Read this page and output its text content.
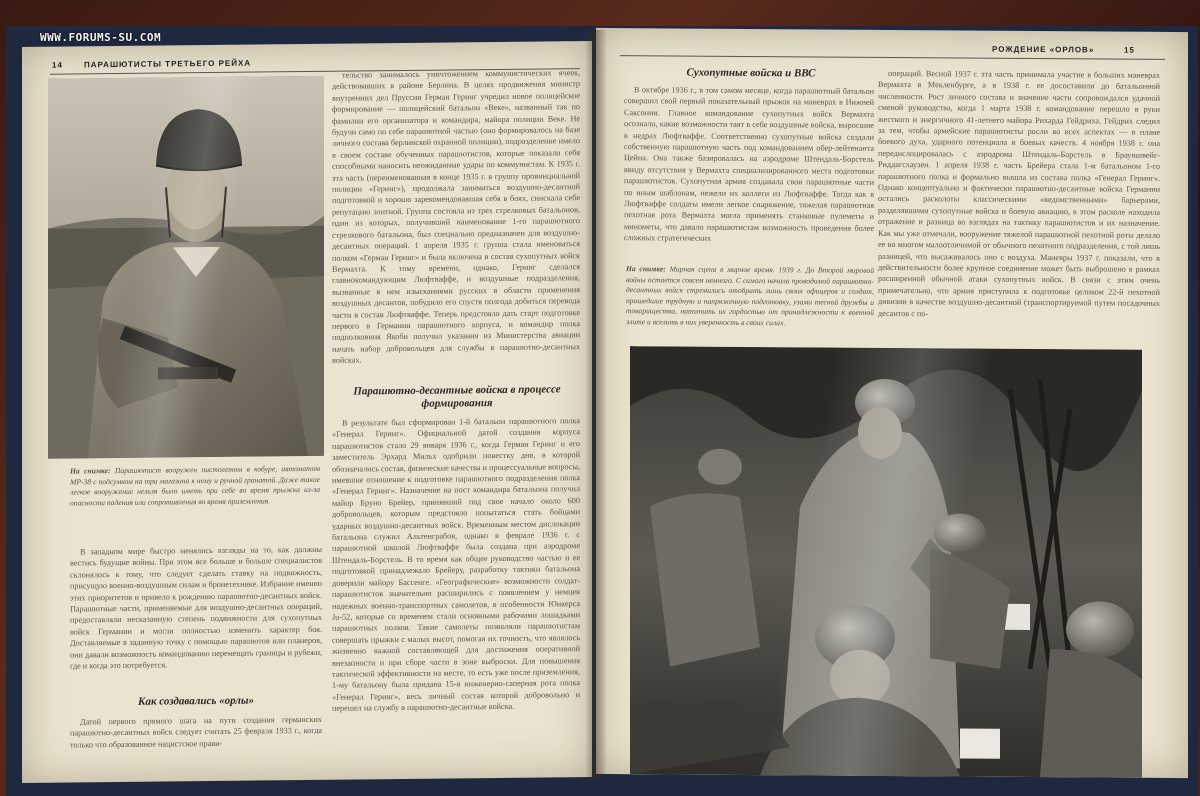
WWW.FORUMS-SU.COM
14	ПАРАШЮТИСТЫ ТРЕТЬЕГО РЕЙХА
На снимке: Парашютист вооружен пистолетом в кобуре, автоматом МР-38 с подсумком на три магазина к нему и ручной гранатой. Даже такое легкое вооружение нельзя было иметь при себе во время прыжка из-за опасности падения или сопротивления во время приземления.

В западном мире быстро менялись взгляды на то, как должны вестись будущие войны. При этом все больше и больше специалистов склонялось к тому, что следует сделать ставку на подвижность, присущую военно-воздушным силам и бронетехнике. Избрание именно этих приоритетов и привело к рождению парашютно-десантных войск. Парашютные части, применяемые для воздушно-десантных операций, предоставляли несказанную степень подвижности для сухопутных войск Германии и могли полностью изменить характер боя. Доставляемые в заданную точку с помощью парашютов или планеров, они давали возможность командованию перемещать границы и рубежи, где и когда это потребуется.

Как создавались «орлы»

Датой первого прямого шага на пути создания германских парашютно-десантных войск следует считать 25 февраля 1933 г., когда только что образованное нацистское прави-

тельство занималось уничтожением коммунистических ячеек, действовавших в районе Берлина. В целях продвижения министр внутренних дел Пруссии Герман Геринг учредил новое полицейское формирование — полицейский батальон «Веке», названный так по фамилии его организатора и командира, майора полиции Веке. Не будучи само по себе парашютной частью (оно формировалось на базе личного состава берлинской охранной полиции), подразделение имело в своем составе обученных парашютистов, которые показали себя способными наносить неожиданные удары по коммунистам. К 1935 г. эта часть (переименованная в конце 1935 г. в группу провинциальной полиции «Геринг»), продолжала заниматься воздушно-десантной подготовкой и хорошо зарекомендовавшая себя в боях, снискала себе репутацию элитной. Группа состояла из трех стрелковых батальонов, один из которых, получивший наименование 1-го парашютного стрелкового батальона, был специально предназначен для воздушно-десантных операций. 1 апреля 1935 г. группа стала именоваться полком «Герман Геринг» и была включена в состав сухопутных войск Вермахта. К тому времени, однако, Геринг сделался главнокомандующим Люфтваффе, и воздушные подразделения, вызванные в нем изысканиями русских в области применения воздушных десантов, побудило его спустя полгода добиться перевода части в состав Люфтваффе. Теперь предстояло дать старт подготовке первого в Германии парашютного корпуса, и командир полка подполковник Якоби получил указания из Министерства авиации начать набор добровольцев для службы в парашютно-десантных войсках.

Парашютно-десантные войска в процессе формирования

В результате был сформирован 1-й батальон парашютного полка «Генерал Геринг». Официальной датой создания корпуса парашютистов стало 29 января 1936 г., когда Герман Геринг и его заместитель Эрхард Мильх одобрили повестку дня, в которой обозначались состав, физические качества и процессуальные вопросы, имевшие отношение к подготовке парашютного подразделения полка «Генерал Геринг». Назначение на пост командира батальона получил майор Бруно Брейер, принявший под свое начало около 600 добровольцев, которым предстояло попытаться стать бойцами ударных воздушно-десантных войск. Временным местом дислокации батальона служил Альтенграбов, однако в феврале 1936 г. с парашютной школой Люфтваффе была создана при аэродроме Штендаль-Борстель. В то время как общее руководство частью и ее подготовкой принадлежало Брейеру, разработку тактики батальона доверили майору Бассенге. «Географические» возможности солдат-парашютистов значительно расширились с появлением у немцев надежных военно-транспортных самолетов, в особенности Юнкерса Ju-52, которые со временем стали основными рабочими лошадками парашютных полков. Такие самолеты позволяли парашютистам совершать прыжки с малых высот, помогая их точность, что являлось жизненно важной составляющей для достижения оперативной внезапности и при сборе части в зоне выброски. Для повышения тактической эффективности на месте, то есть уже после приземления, 1-му батальону была придана 15-я инженерно-саперная рота полка «Генерал Геринг», весь личный состав которой добровольно и перешел на службу в парашютно-десантные войска.

РОЖДЕНИЕ «ОРЛОВ»	15
Сухопутные войска и ВВС

В октябре 1936 г., в том самом месяце, когда парашютный батальон совершил свой первый показательный прыжок на маневрах в Нижней Саксонии. Главное командование сухопутных войск Вермахта осознало, какие возможности таят в себе воздушные войска, выросшие в недрах Люфтваффе. Соответственно сухопутные войска создали собственную парашютную часть под командованием обер-лейтенанта Цейна. Она также базировалась на аэродроме Штендаль-Борстель ввиду отсутствия у Вермахта специализированного места подготовки парашютистов. Сухопутная армия создавала свои парашютные части по иным шаблонам, нежели их коллеги из Люфтваффе. Тогда как в Люфтваффе солдаты имели легкое снаряжение, тяжелая парашютная пехотная рота Вермахта могла применять станковые пулеметы и минометы, что давало парашютистам возможность проведения более сложных стратегических

На снимке: Мирная сцена в мирное время. 1939 г. До Второй мировой войны остается совсем немного. С самого начала проводимой парашютно-десантных войск стремились отобрать лишь своих офицеров и солдат, прошедшие трудную и напряженную подготовку, узами тесной дружбы и товарищества, наполнить их гордостью от принадлежности к военной элите и вселить в них уверенность в своих силах.

операций. Весной 1937 г. эта часть принимала участие в больших маневрах Вермахта в Мекленбурге, а в 1938 г. ее досоставили до батальонной численности. Рост личного состава и значение части сопровождался удачной сменой руководства, когда 1 марта 1938 г. командование перешло в руки жесткого и энергичного 41-летнего майора Рихарда Гейдриха. Гейдрих следил за тем, чтобы армейские парашютисты росли во всех аспектах — в плане боевого духа, ударного потенциала и боевых качеств. 4 ноября 1938 г. она передислоцировалась с аэродрома Штендаль-Борстель в Брауншвейг-Риддагсхаузен. 1 апреля 1938 г. часть Брейера стала 1-м батальоном 1-го парашютного полка и формально вышла из состава полка «Генерал Геринг». Однако концептуально и фактически парашютно-десантные войска Германии остались расколоты классическими «ведомственными» барьерами, разделявшими сухопутные войска и боевую авиацию, в этом расколе находила отражение и разница во взглядах на тактику парашютистов и их назначение. Как мы уже отмечали, вооружение тяжелой парашютной пехотной роты делало ее во многом малоотличимой от обычного пехотного подразделения, с той лишь разницей, что высаживалось оно с воздуха. Маневры 1937 г. показали, что в действительности более крупное соединение может быть выброшено в рамках расширенной обычной атаки сухопутных войск. В связи с этим очень примечательно, что армия приступила к подготовке целиком 22-й пехотной дивизии в качестве воздушно-десантной (транспортируемой путем посадочных десантов с по-
